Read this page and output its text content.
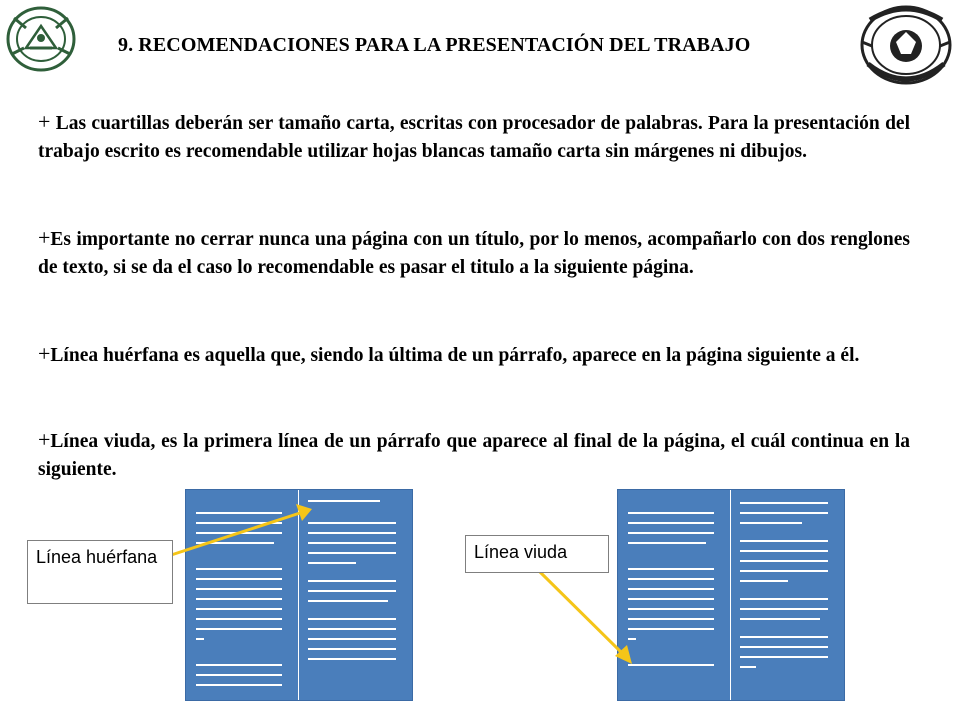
9. RECOMENDACIONES PARA LA PRESENTACIÓN DEL TRABAJO
+ Las cuartillas deberán ser tamaño carta, escritas con procesador de palabras. Para la presentación del trabajo escrito es recomendable utilizar hojas blancas tamaño carta sin márgenes ni dibujos.
+Es importante no cerrar nunca una página con un título, por lo menos, acompañarlo con dos renglones de texto, si se da el caso lo recomendable es pasar el titulo a la siguiente página.
+Línea huérfana es aquella que, siendo la última de un párrafo, aparece en la página siguiente a él.
+Línea viuda, es la primera línea de un párrafo que aparece al final de la página, el cuál continua en la siguiente.
Línea huérfana	Línea viuda
